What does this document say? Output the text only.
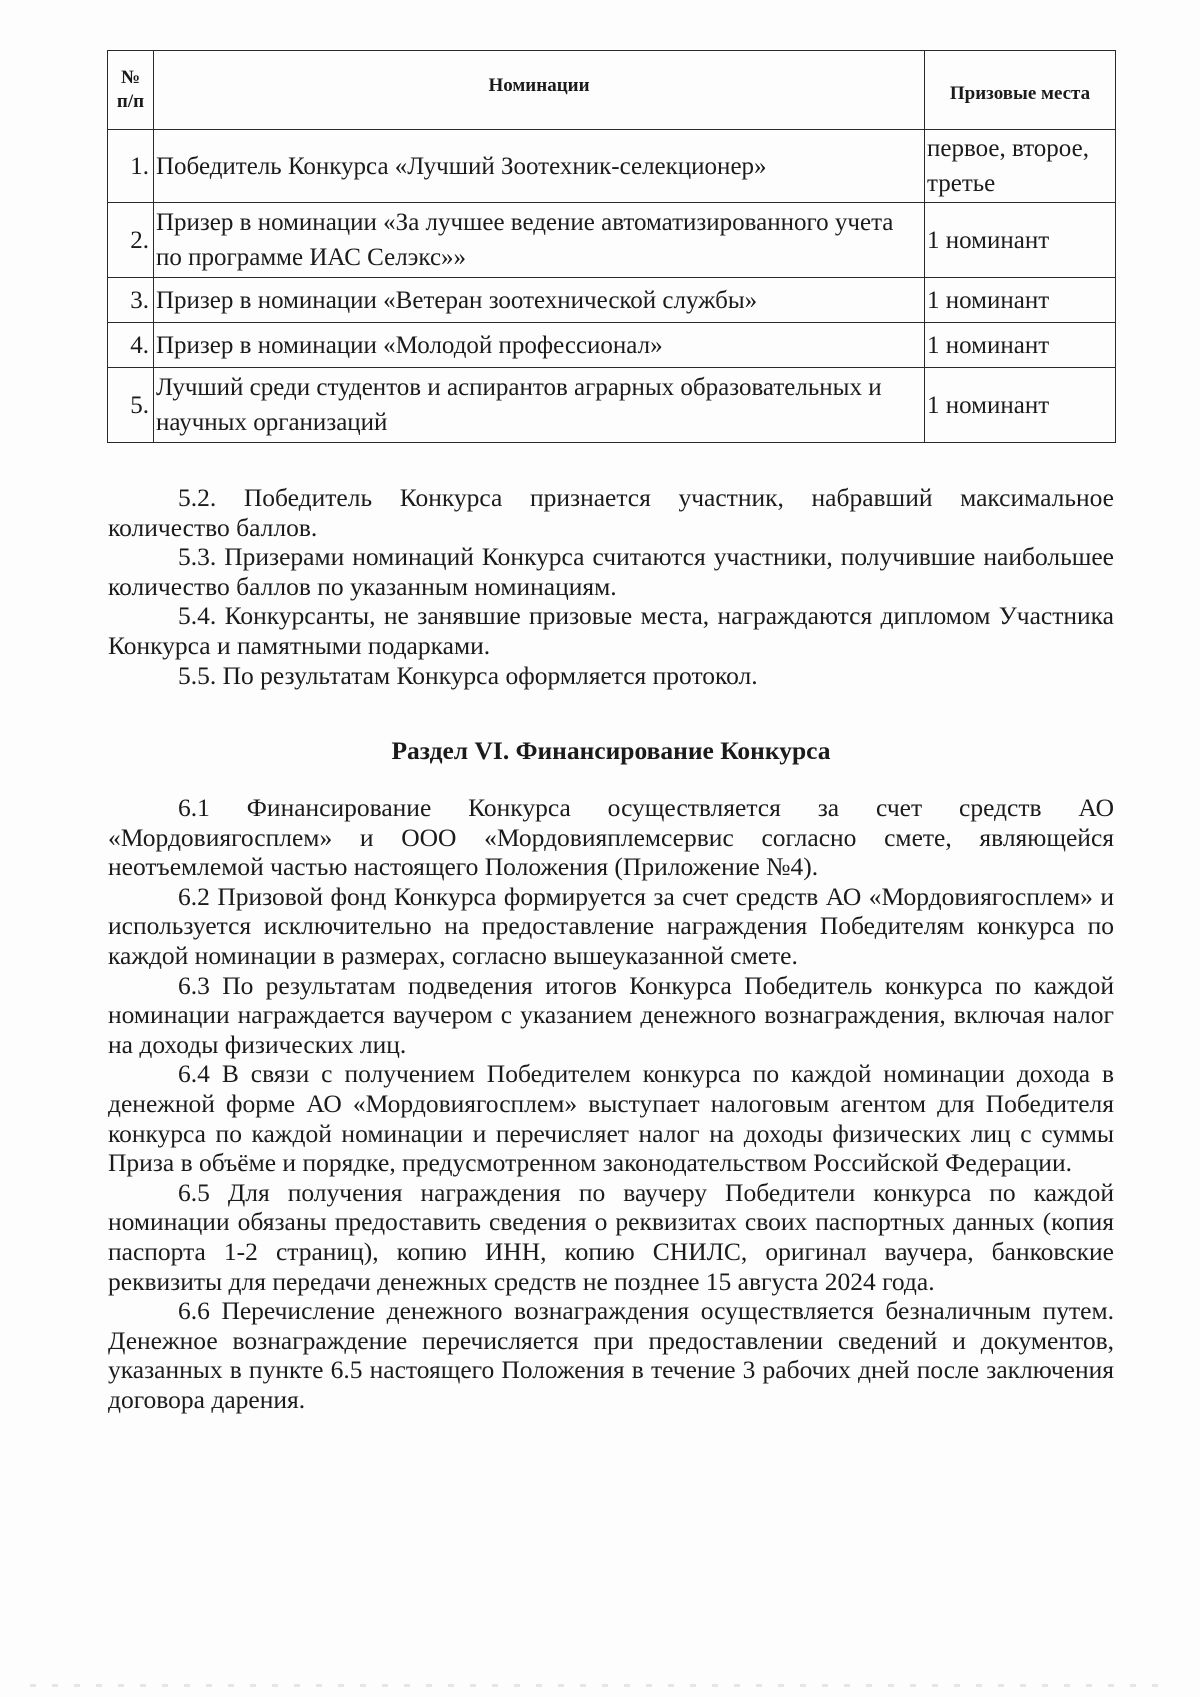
№
п/п	Номинации	Призовые места
1.	Победитель Конкурса «Лучший Зоотехник-селекционер»	первое, второе, третье
2.	Призер в номинации «За лучшее ведение автоматизированного учета по программе ИАС Селэкс»»	1 номинант
3.	Призер в номинации «Ветеран зоотехнической службы»	1 номинант
4.	Призер в номинации «Молодой профессионал»	1 номинант
5.	Лучший среди студентов и аспирантов аграрных образовательных и научных организаций	1 номинант

5.2. Победитель Конкурса признается участник, набравший максимальное количество баллов.

5.3. Призерами номинаций Конкурса считаются участники, получившие наибольшее количество баллов по указанным номинациям.

5.4. Конкурсанты, не занявшие призовые места, награждаются дипломом Участника Конкурса и памятными подарками.

5.5. По результатам Конкурса оформляется протокол.

Раздел VI. Финансирование Конкурса

6.1 Финансирование Конкурса осуществляется за счет средств АО «Мордовиягосплем» и ООО «Мордовияплемсервис согласно смете, являющейся неотъемлемой частью настоящего Положения (Приложение №4).

6.2 Призовой фонд Конкурса формируется за счет средств АО «Мордовиягосплем» и используется исключительно на предоставление награждения Победителям конкурса по каждой номинации в размерах, согласно вышеуказанной смете.

6.3 По результатам подведения итогов Конкурса Победитель конкурса по каждой номинации награждается ваучером с указанием денежного вознаграждения, включая налог на доходы физических лиц.

6.4 В связи с получением Победителем конкурса по каждой номинации дохода в денежной форме АО «Мордовиягосплем» выступает налоговым агентом для Победителя конкурса по каждой номинации и перечисляет налог на доходы физических лиц с суммы Приза в объёме и порядке, предусмотренном законодательством Российской Федерации.

6.5 Для получения награждения по ваучеру Победители конкурса по каждой номинации обязаны предоставить сведения о реквизитах своих паспортных данных (копия паспорта 1-2 страниц), копию ИНН, копию СНИЛС, оригинал ваучера, банковские реквизиты для передачи денежных средств не позднее 15 августа 2024 года.

6.6 Перечисление денежного вознаграждения осуществляется безналичным путем. Денежное вознаграждение перечисляется при предоставлении сведений и документов, указанных в пункте 6.5 настоящего Положения в течение 3 рабочих дней после заключения договора дарения.
